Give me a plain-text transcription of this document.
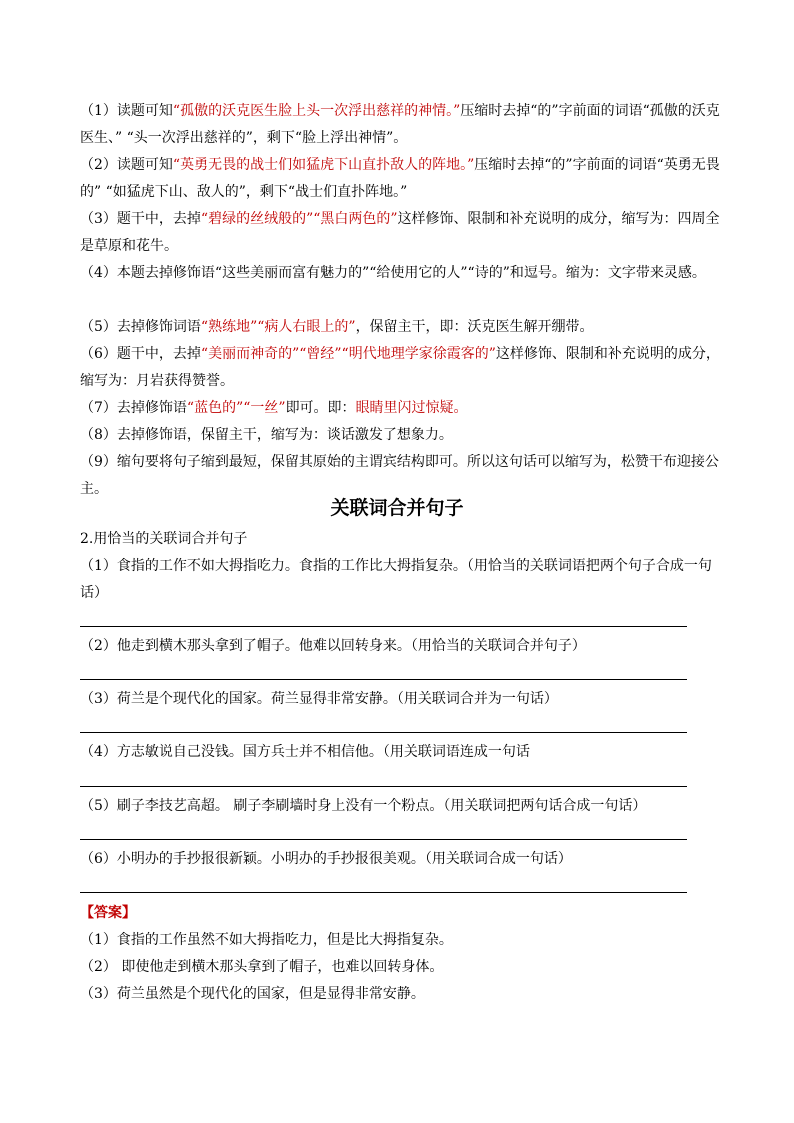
（1）读题可知“孤傲的沃克医生脸上头一次浮出慈祥的神情。”压缩时去掉“的”字前面的词语“孤傲的沃克医生、” “头一次浮出慈祥的”，剩下“脸上浮出神情”。
（2）读题可知“英勇无畏的战士们如猛虎下山直扑敌人的阵地。”压缩时去掉“的”字前面的词语“英勇无畏的” “如猛虎下山、敌人的”，剩下“战士们直扑阵地。”
（3）题干中，去掉“碧绿的丝绒般的”“黑白两色的”这样修饰、限制和补充说明的成分，缩写为：四周全是草原和花牛。
（4）本题去掉修饰语“这些美丽而富有魅力的”“给使用它的人”“诗的”和逗号。缩为：文字带来灵感。
（5）去掉修饰词语“熟练地”“病人右眼上的”，保留主干，即：沃克医生解开绷带。
（6）题干中，去掉“美丽而神奇的”“曾经”“明代地理学家徐霞客的”这样修饰、限制和补充说明的成分，缩写为：月岩获得赞誉。
（7）去掉修饰语“蓝色的”“一丝”即可。即：眼睛里闪过惊疑。
（8）去掉修饰语，保留主干，缩写为：谈话激发了想象力。
（9）缩句要将句子缩到最短，保留其原始的主谓宾结构即可。所以这句话可以缩写为，松赞干布迎接公主。
关联词合并句子
2.用恰当的关联词合并句子
（1）食指的工作不如大拇指吃力。食指的工作比大拇指复杂。（用恰当的关联词语把两个句子合成一句话）
（2）他走到横木那头拿到了帽子。他难以回转身来。（用恰当的关联词合并句子）
（3）荷兰是个现代化的国家。荷兰显得非常安静。（用关联词合并为一句话）
（4）方志敏说自己没钱。国方兵士并不相信他。（用关联词语连成一句话
（5）刷子李技艺高超。 刷子李刷墙时身上没有一个粉点。（用关联词把两句话合成一句话）
（6）小明办的手抄报很新颖。小明办的手抄报很美观。（用关联词合成一句话）
【答案】
（1）食指的工作虽然不如大拇指吃力，但是比大拇指复杂。
（2） 即使他走到横木那头拿到了帽子，也难以回转身体。
（3）荷兰虽然是个现代化的国家，但是显得非常安静。
